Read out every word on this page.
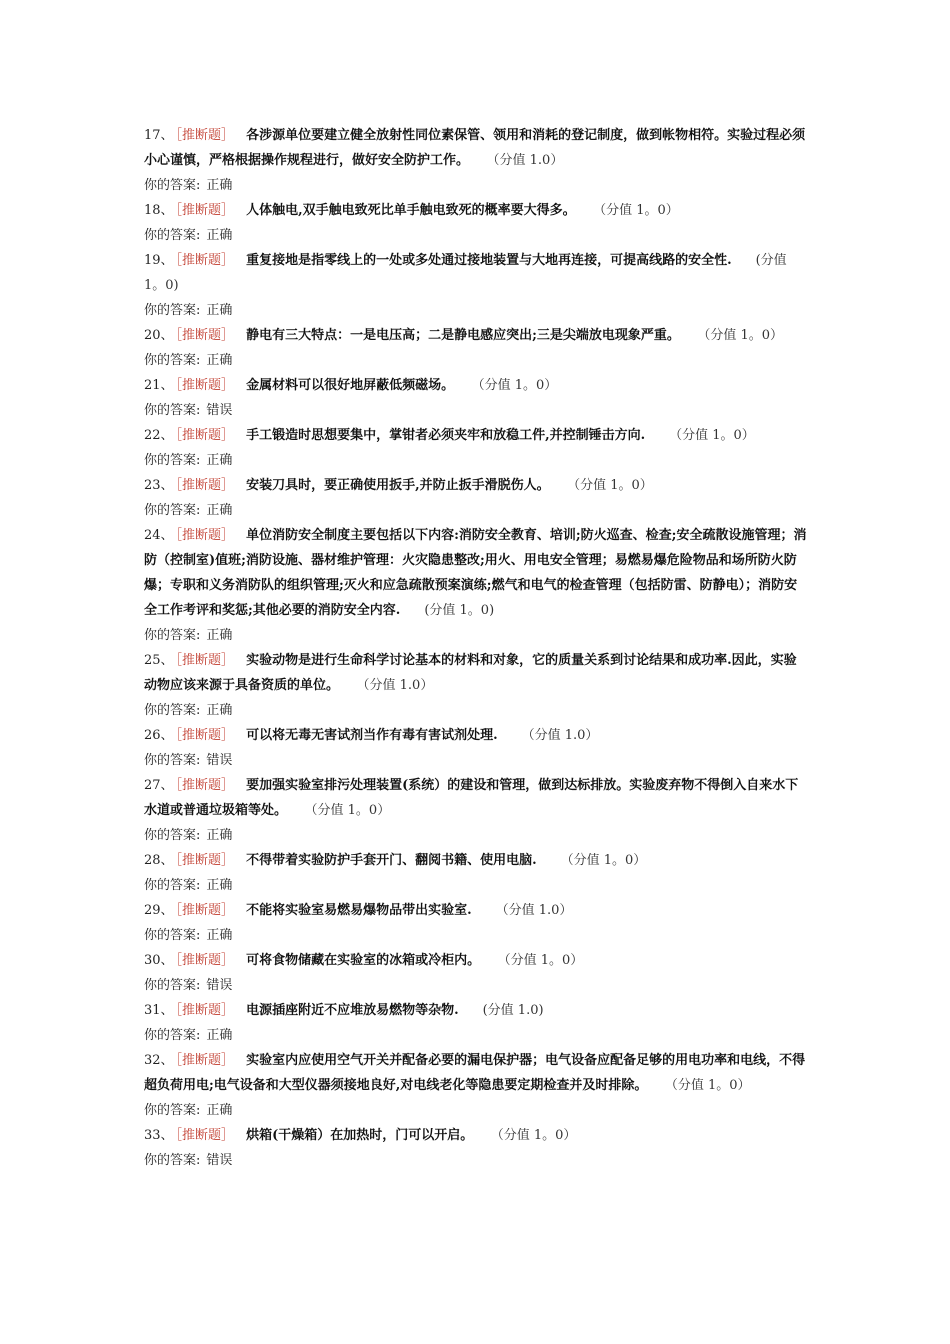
17、 ［推断题］ 各涉源单位要建立健全放射性同位素保管、领用和消耗的登记制度，做到帐物相符。实验过程必须小心谨慎，严格根据操作规程进行，做好安全防护工作。 （分值 1.0）

你的答案: 正确

18、 ［推断题］ 人体触电,双手触电致死比单手触电致死的概率要大得多。 （分值 1。0）

你的答案: 正确

19、 ［推断题］ 重复接地是指零线上的一处或多处通过接地装置与大地再连接，可提高线路的安全性. (分值 1。0)

你的答案: 正确

20、 ［推断题］ 静电有三大特点：一是电压高；二是静电感应突出;三是尖端放电现象严重。 （分值 1。0）

你的答案: 正确

21、 ［推断题］ 金属材料可以很好地屏蔽低频磁场。 （分值 1。0）

你的答案: 错误

22、 ［推断题］ 手工锻造时思想要集中，掌钳者必须夹牢和放稳工件,并控制锤击方向. （分值 1。0）

你的答案: 正确

23、 ［推断题］ 安装刀具时，要正确使用扳手,并防止扳手滑脱伤人。 （分值 1。0）

你的答案: 正确

24、 ［推断题］ 单位消防安全制度主要包括以下内容:消防安全教育、培训;防火巡查、检查;安全疏散设施管理；消防（控制室)值班;消防设施、器材维护管理：火灾隐患整改;用火、用电安全管理；易燃易爆危险物品和场所防火防爆；专职和义务消防队的组织管理;灭火和应急疏散预案演练;燃气和电气的检查管理（包括防雷、防静电）；消防安全工作考评和奖惩;其他必要的消防安全内容. (分值 1。0)

你的答案: 正确

25、 ［推断题］ 实验动物是进行生命科学讨论基本的材料和对象，它的质量关系到讨论结果和成功率.因此，实验动物应该来源于具备资质的单位。 （分值 1.0）

你的答案: 正确

26、 ［推断题］ 可以将无毒无害试剂当作有毒有害试剂处理. （分值 1.0）

你的答案: 错误

27、 ［推断题］ 要加强实验室排污处理装置(系统）的建设和管理，做到达标排放。实验废弃物不得倒入自来水下水道或普通垃圾箱等处。 （分值 1。0）

你的答案: 正确

28、 ［推断题］ 不得带着实验防护手套开门、翻阅书籍、使用电脑. （分值 1。0）

你的答案: 正确

29、 ［推断题］ 不能将实验室易燃易爆物品带出实验室. （分值 1.0）

你的答案: 正确

30、 ［推断题］ 可将食物储藏在实验室的冰箱或冷柜内。 （分值 1。0）

你的答案: 错误

31、 ［推断题］ 电源插座附近不应堆放易燃物等杂物. (分值 1.0)

你的答案: 正确

32、 ［推断题］ 实验室内应使用空气开关并配备必要的漏电保护器；电气设备应配备足够的用电功率和电线，不得超负荷用电;电气设备和大型仪器须接地良好,对电线老化等隐患要定期检查并及时排除。 （分值 1。0）

你的答案: 正确

33、 ［推断题］ 烘箱(干燥箱）在加热时，门可以开启。 （分值 1。0）

你的答案: 错误
